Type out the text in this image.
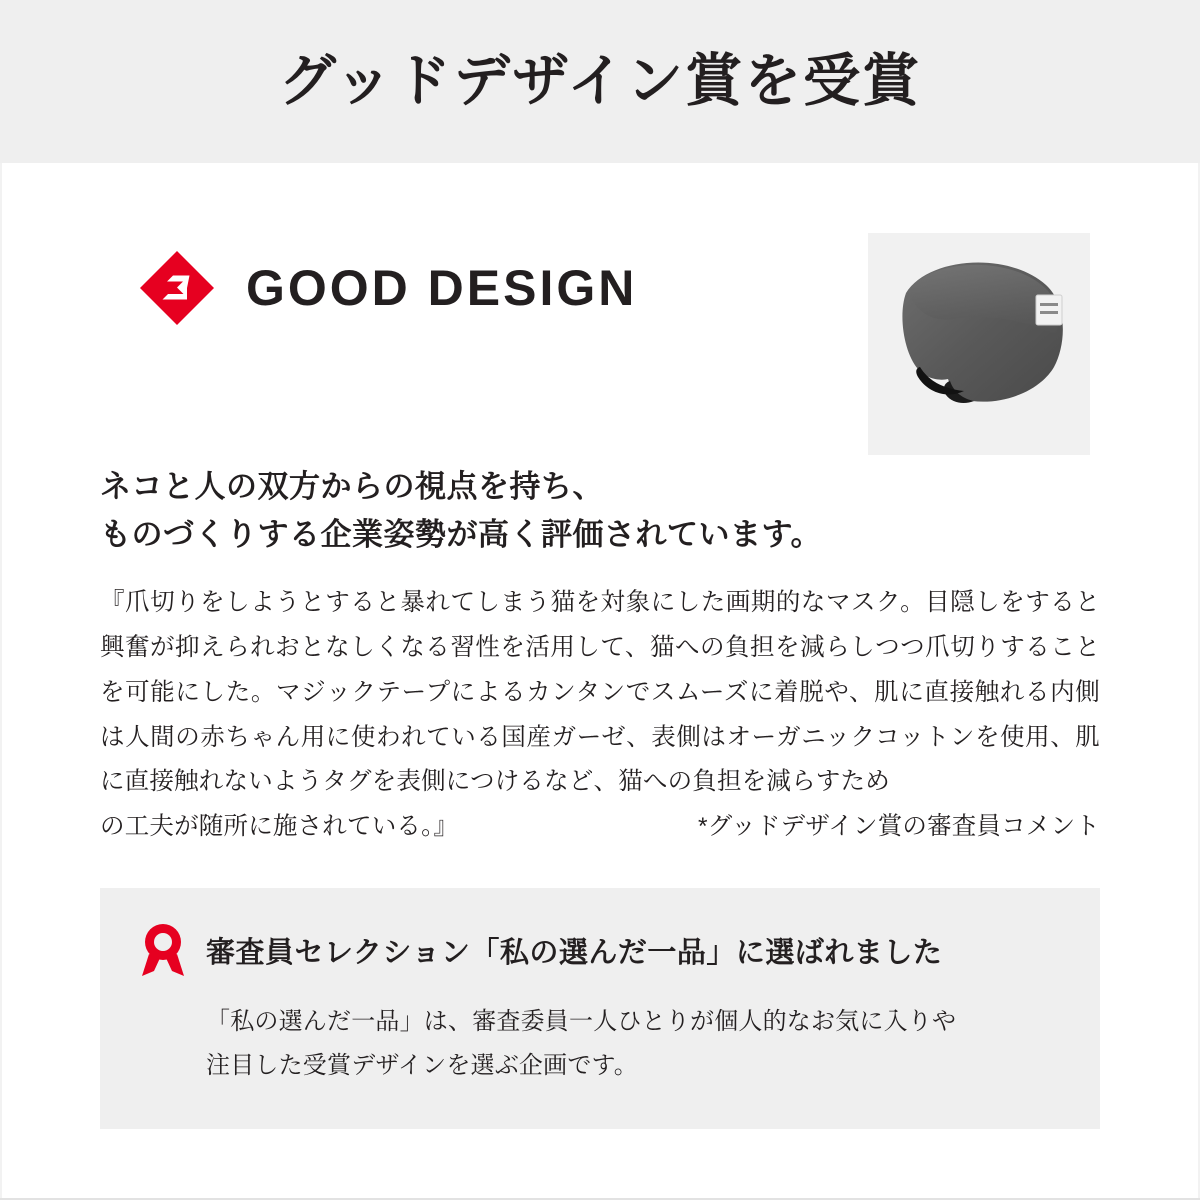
グッドデザイン賞を受賞
GOOD DESIGN
ネコと人の双方からの視点を持ち、
ものづくりする企業姿勢が高く評価されています。
『爪切りをしようとすると暴れてしまう猫を対象にした画期的なマスク。目隠しをすると興奮が抑えられおとなしくなる習性を活用して、猫への負担を減らしつつ爪切りすることを可能にした。マジックテープによるカンタンでスムーズに着脱や、肌に直接触れる内側は人間の赤ちゃん用に使われている国産ガーゼ、表側はオーガニックコットンを使用、肌に直接触れないようタグを表側につけるなど、猫への負担を減らすため
の工夫が随所に施されている。』	*グッドデザイン賞の審査員コメント
審査員セレクション「私の選んだ一品」に選ばれました
「私の選んだ一品」は、審査委員一人ひとりが個人的なお気に入りや
注目した受賞デザインを選ぶ企画です。
